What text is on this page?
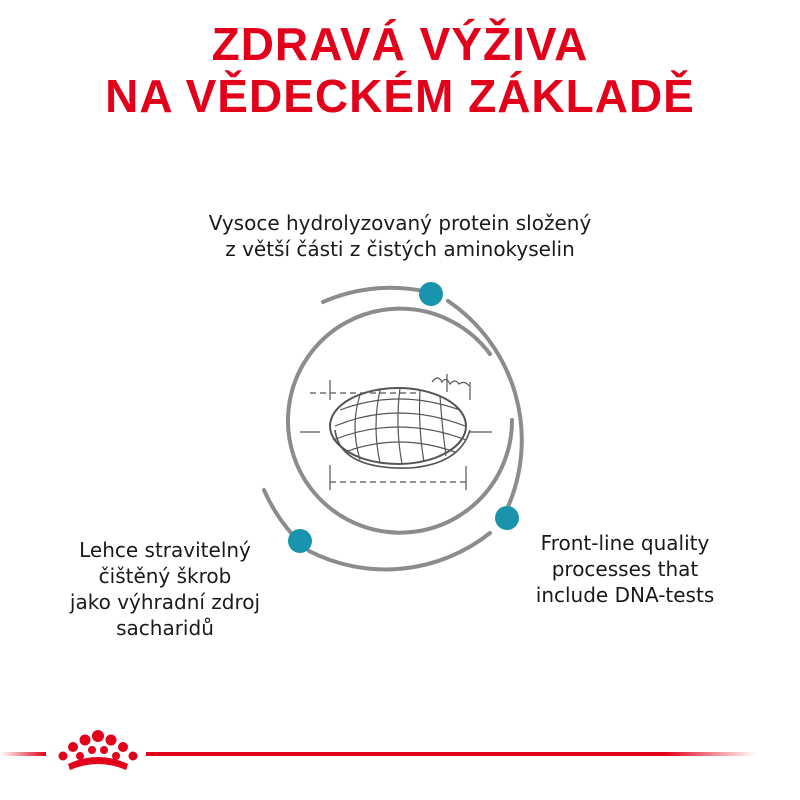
ZDRAVÁ VÝŽIVA
NA VĚDECKÉM ZÁKLADĚ
Vysoce hydrolyzovaný protein složený
z větší části z čistých aminokyselin
Lehce stravitelný
čištěný škrob
jako výhradní zdroj
sacharidů
Front-line quality
processes that
include DNA-tests
